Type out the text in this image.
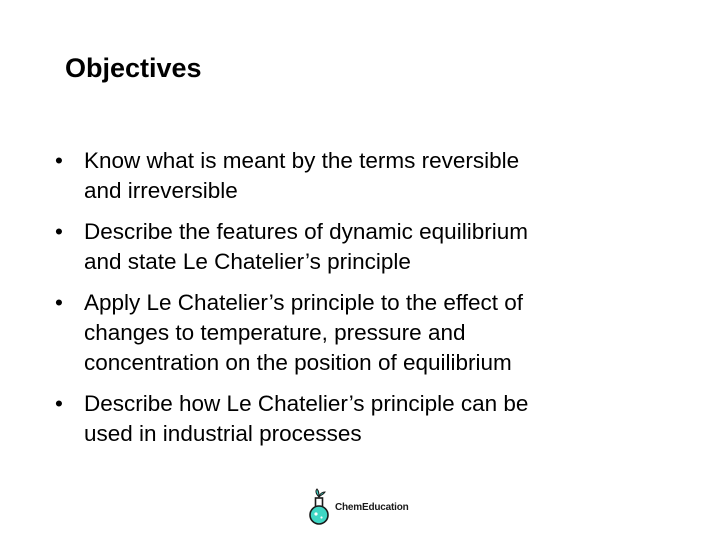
Objectives
• Know what is meant by the terms reversible
and irreversible
• Describe the features of dynamic equilibrium
and state Le Chatelier’s principle
• Apply Le Chatelier’s principle to the effect of
changes to temperature, pressure and
concentration on the position of equilibrium
• Describe how Le Chatelier’s principle can be
used in industrial processes
ChemEducation
